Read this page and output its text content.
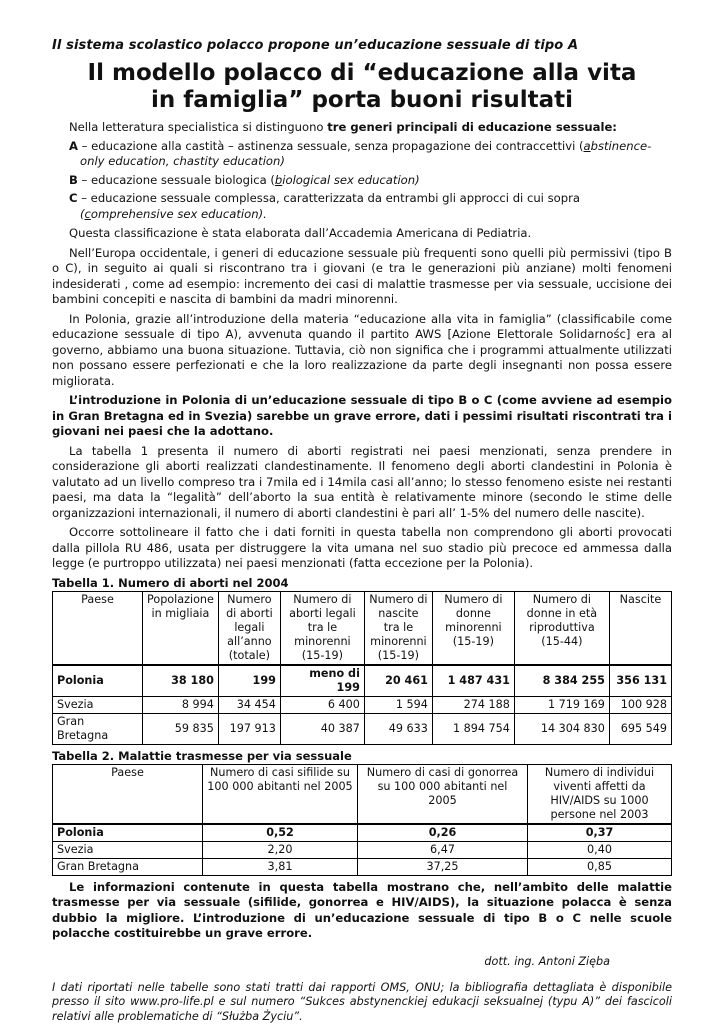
Il sistema scolastico polacco propone un’educazione sessuale di tipo A
Il modello polacco di “educazione alla vita
in famiglia” porta buoni risultati

Nella letteratura specialistica si distinguono tre generi principali di educazione sessuale:

A – educazione alla castità – astinenza sessuale, senza propagazione dei contraccettivi (abstinence-only education, chastity education)

B – educazione sessuale biologica (biological sex education)

C – educazione sessuale complessa, caratterizzata da entrambi gli approcci di cui sopra (comprehensive sex education).

Questa classificazione è stata elaborata dall’Accademia Americana di Pediatria.

Nell’Europa occidentale, i generi di educazione sessuale più frequenti sono quelli più permissivi (tipo B o C), in seguito ai quali si riscontrano tra i giovani (e tra le generazioni più anziane) molti fenomeni indesiderati , come ad esempio: incremento dei casi di malattie trasmesse per via sessuale, uccisione dei bambini concepiti e nascita di bambini da madri minorenni.

In Polonia, grazie all’introduzione della materia “educazione alla vita in famiglia” (classificabile come educazione sessuale di tipo A), avvenuta quando il partito AWS [Azione Elettorale Solidarnośc] era al governo, abbiamo una buona situazione. Tuttavia, ciò non significa che i programmi attualmente utilizzati non possano essere perfezionati e che la loro realizzazione da parte degli insegnanti non possa essere migliorata.

L’introduzione in Polonia di un’educazione sessuale di tipo B o C (come avviene ad esempio in Gran Bretagna ed in Svezia) sarebbe un grave errore, dati i pessimi risultati riscontrati tra i giovani nei paesi che la adottano.

La tabella 1 presenta il numero di aborti registrati nei paesi menzionati, senza prendere in considerazione gli aborti realizzati clandestinamente. Il fenomeno degli aborti clandestini in Polonia è valutato ad un livello compreso tra i 7mila ed i 14mila casi all’anno; lo stesso fenomeno esiste nei restanti paesi, ma data la “legalità” dell’aborto la sua entità è relativamente minore (secondo le stime delle organizzazioni internazionali, il numero di aborti clandestini è pari all’ 1-5% del numero delle nascite).

Occorre sottolineare il fatto che i dati forniti in questa tabella non comprendono gli aborti provocati dalla pillola RU 486, usata per distruggere la vita umana nel suo stadio più precoce ed ammessa dalla legge (e purtroppo utilizzata) nei paesi menzionati (fatta eccezione per la Polonia).

Tabella 1. Numero di aborti nel 2004
Paese	Popolazione in migliaia	Numero di aborti legali all’anno (totale)	Numero di aborti legali tra le minorenni (15-19)	Numero di nascite tra le minorenni (15-19)	Numero di donne minorenni (15-19)	Numero di donne in età riproduttiva (15-44)	Nascite
Polonia	38 180	199	meno di 199	20 461	1 487 431	8 384 255	356 131
Svezia	8 994	34 454	6 400	1 594	274 188	1 719 169	100 928
Gran Bretagna	59 835	197 913	40 387	49 633	1 894 754	14 304 830	695 549
Tabella 2. Malattie trasmesse per via sessuale
Paese	Numero di casi sifilide su 100 000 abitanti nel 2005	Numero di casi di gonorrea su 100 000 abitanti nel 2005	Numero di individui viventi affetti da HIV/AIDS su 1000 persone nel 2003
Polonia	0,52	0,26	0,37
Svezia	2,20	6,47	0,40
Gran Bretagna	3,81	37,25	0,85

Le informazioni contenute in questa tabella mostrano che, nell’ambito delle malattie trasmesse per via sessuale (sifilide, gonorrea e HIV/AIDS), la situazione polacca è senza dubbio la migliore. L’introduzione di un’educazione sessuale di tipo B o C nelle scuole polacche costituirebbe un grave errore.

dott. ing. Antoni Zięba
I dati riportati nelle tabelle sono stati tratti dai rapporti OMS, ONU; la bibliografia dettagliata è disponibile presso il sito www.pro-life.pl e sul numero “Sukces abstynenckiej edukacji seksualnej (typu A)” dei fascicoli relativi alle problematiche di “Służba Życiu”.
